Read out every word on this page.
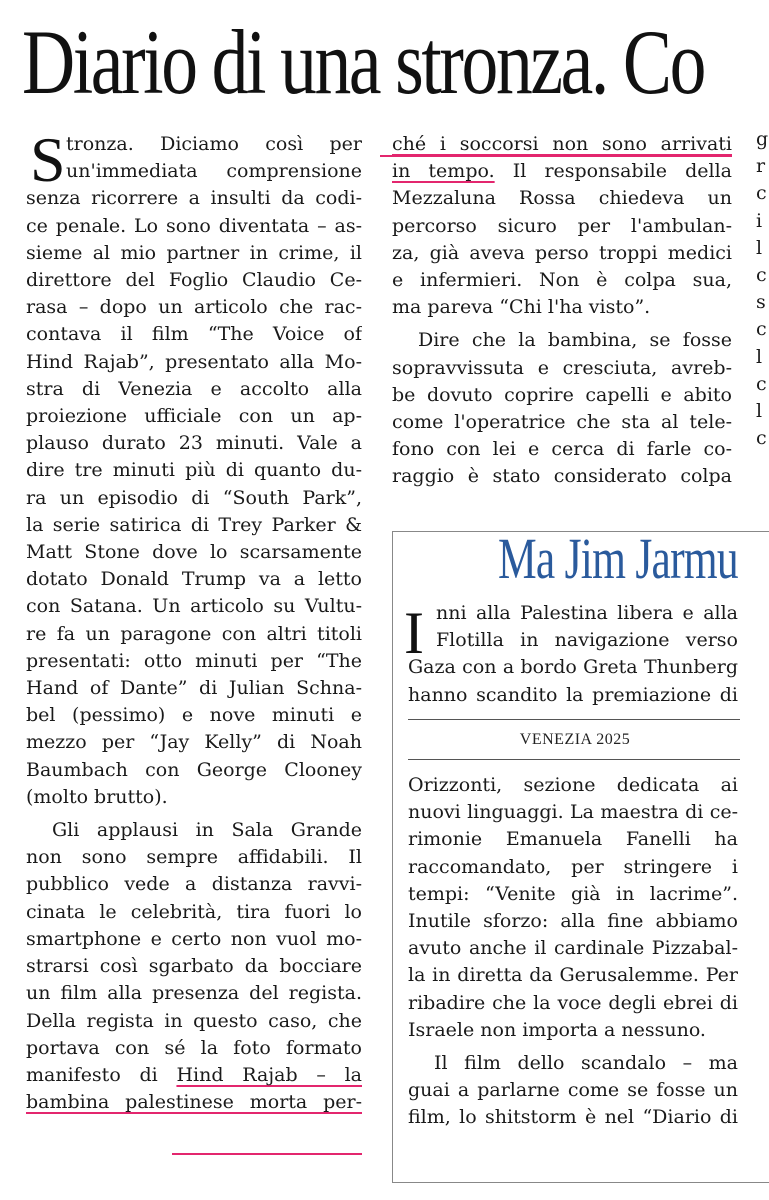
Diario di una stronza. Co
S tronza. Diciamo così per
un'immediata comprensione
senza ricorrere a insulti da codi-
ce penale. Lo sono diventata – as-
sieme al mio partner in crime, il
direttore del Foglio Claudio Ce-
rasa – dopo un articolo che rac-
contava il film “The Voice of
Hind Rajab”, presentato alla Mo-
stra di Venezia e accolto alla
proiezione ufficiale con un ap-
plauso durato 23 minuti. Vale a
dire tre minuti più di quanto du-
ra un episodio di “South Park”,
la serie satirica di Trey Parker &
Matt Stone dove lo scarsamente
dotato Donald Trump va a letto
con Satana. Un articolo su Vultu-
re fa un paragone con altri titoli
presentati: otto minuti per “The
Hand of Dante” di Julian Schna-
bel (pessimo) e nove minuti e
mezzo per “Jay Kelly” di Noah
Baumbach con George Clooney
(molto brutto).
Gli applausi in Sala Grande
non sono sempre affidabili. Il
pubblico vede a distanza ravvi-
cinata le celebrità, tira fuori lo
smartphone e certo non vuol mo-
strarsi così sgarbato da bocciare
un film alla presenza del regista.
Della regista in questo caso, che
portava con sé la foto formato
manifesto di Hind Rajab – la
bambina palestinese morta per-
ché i soccorsi non sono arrivati
in tempo. Il responsabile della
Mezzaluna Rossa chiedeva un
percorso sicuro per l'ambulan-
za, già aveva perso troppi medici
e infermieri. Non è colpa sua,
ma pareva “Chi l'ha visto”.
Dire che la bambina, se fosse
sopravvissuta e cresciuta, avreb-
be dovuto coprire capelli e abito
come l'operatrice che sta al tele-
fono con lei e cerca di farle co-
raggio è stato considerato colpa
g
r
c
i
l
c
s
c
l
c
l
c
Ma Jim Jarmu
I nni alla Palestina libera e alla
Flotilla in navigazione verso
Gaza con a bordo Greta Thunberg
hanno scandito la premiazione di
VENEZIA 2025
Orizzonti, sezione dedicata ai
nuovi linguaggi. La maestra di ce-
rimonie Emanuela Fanelli ha
raccomandato, per stringere i
tempi: “Venite già in lacrime”.
Inutile sforzo: alla fine abbiamo
avuto anche il cardinale Pizzabal-
la in diretta da Gerusalemme. Per
ribadire che la voce degli ebrei di
Israele non importa a nessuno.
Il film dello scandalo – ma
guai a parlarne come se fosse un
film, lo shitstorm è nel “Diario di
